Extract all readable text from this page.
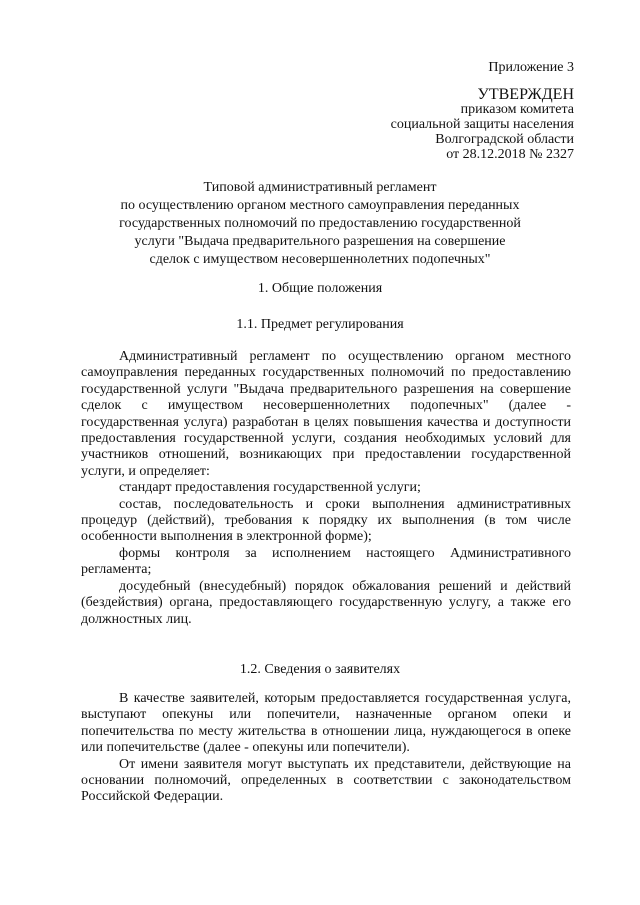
Приложение 3
УТВЕРЖДЕН
приказом комитета
социальной защиты населения
Волгоградской области
от 28.12.2018 № 2327
Типовой административный регламент
по осуществлению органом местного самоуправления переданных
государственных полномочий по предоставлению государственной
услуги "Выдача предварительного разрешения на совершение
сделок с имуществом несовершеннолетних подопечных"
1. Общие положения
1.1. Предмет регулирования

Административный регламент по осуществлению органом местного самоуправления переданных государственных полномочий по предоставлению государственной услуги "Выдача предварительного разрешения на совершение сделок с имуществом несовершеннолетних подопечных" (далее - государственная услуга) разработан в целях повышения качества и доступности предоставления государственной услуги, создания необходимых условий для участников отношений, возникающих при предоставлении государственной услуги, и определяет:

стандарт предоставления государственной услуги;

состав, последовательность и сроки выполнения административных процедур (действий), требования к порядку их выполнения (в том числе особенности выполнения в электронной форме);

формы контроля за исполнением настоящего Административного регламента;

досудебный (внесудебный) порядок обжалования решений и действий (бездействия) органа, предоставляющего государственную услугу, а также его должностных лиц.

1.2. Сведения о заявителях

В качестве заявителей, которым предоставляется государственная услуга, выступают опекуны или попечители, назначенные органом опеки и попечительства по месту жительства в отношении лица, нуждающегося в опеке или попечительстве (далее - опекуны или попечители).

От имени заявителя могут выступать их представители, действующие на основании полномочий, определенных в соответствии с законодательством Российской Федерации.
